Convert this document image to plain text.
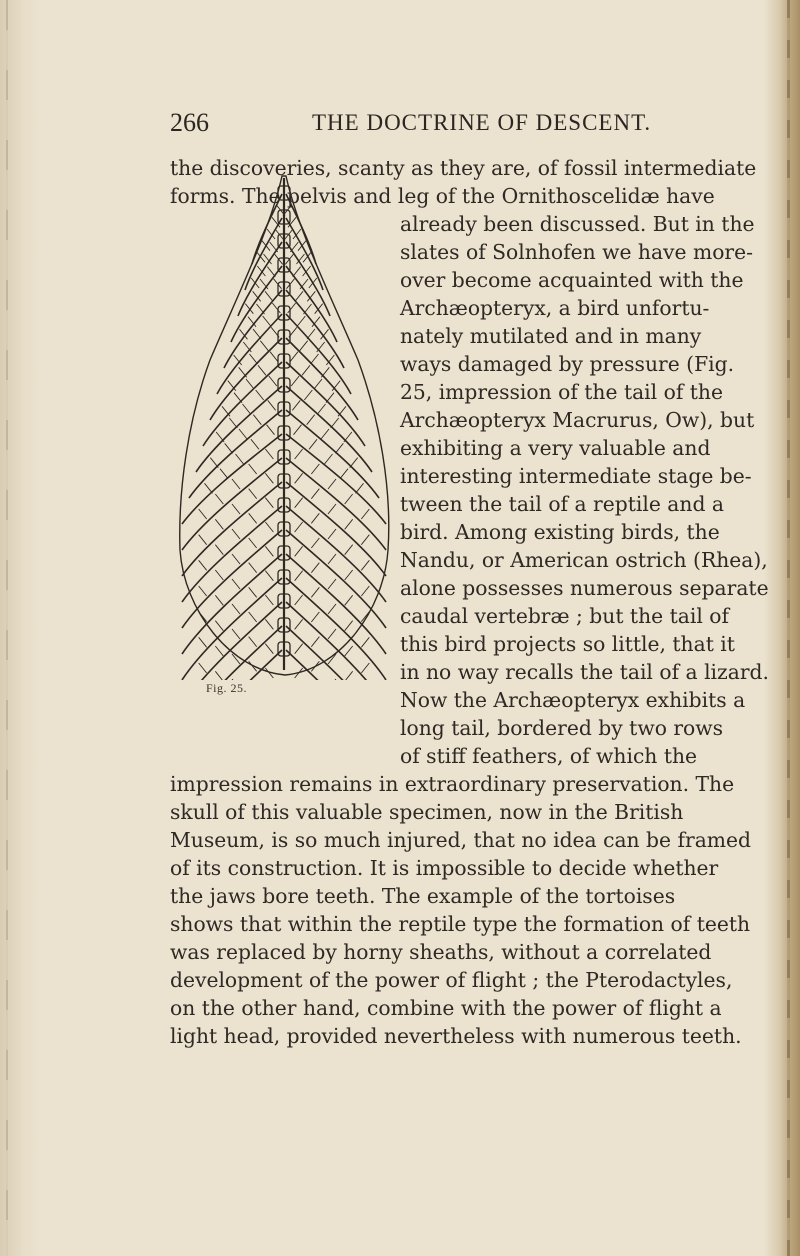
266	THE DOCTRINE OF DESCENT.
Fig. 25.
the discoveries, scanty as they are, of fossil intermediate
forms. The pelvis and leg of the Ornithoscelidæ have
already been discussed. But in the
slates of Solnhofen we have more-
over become acquainted with the
Archæopteryx, a bird unfortu-
nately mutilated and in many
ways damaged by pressure (Fig.
25, impression of the tail of the
Archæopteryx Macrurus, Ow), but
exhibiting a very valuable and
interesting intermediate stage be-
tween the tail of a reptile and a
bird. Among existing birds, the
Nandu, or American ostrich (Rhea),
alone possesses numerous separate
caudal vertebræ ; but the tail of
this bird projects so little, that it
in no way recalls the tail of a lizard.
Now the Archæopteryx exhibits a
long tail, bordered by two rows
of stiff feathers, of which the
impression remains in extraordinary preservation. The
skull of this valuable specimen, now in the British
Museum, is so much injured, that no idea can be framed
of its construction. It is impossible to decide whether
the jaws bore teeth. The example of the tortoises
shows that within the reptile type the formation of teeth
was replaced by horny sheaths, without a correlated
development of the power of flight ; the Pterodactyles,
on the other hand, combine with the power of flight a
light head, provided nevertheless with numerous teeth.
